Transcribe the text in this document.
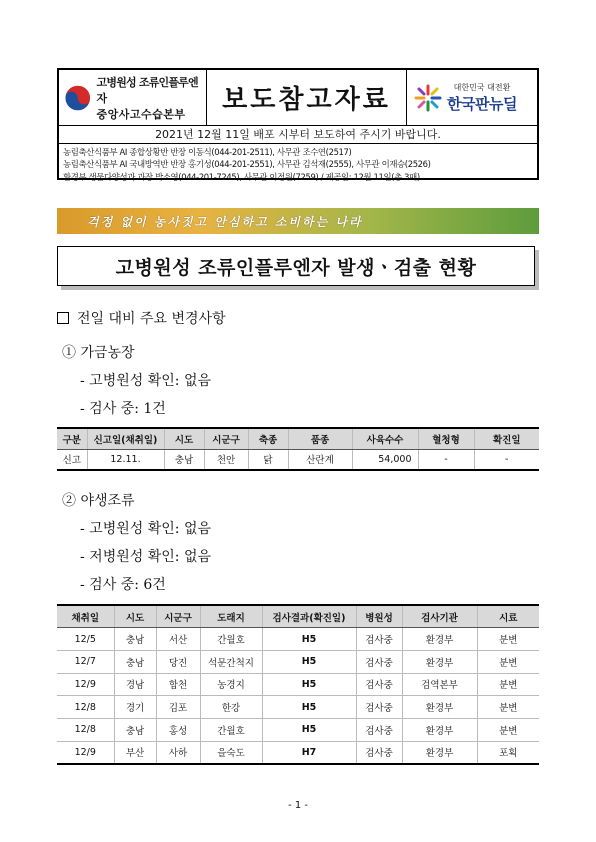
고병원성 조류인플루엔자
중앙사고수습본부	보도참고자료	대한민국 대전환
한국판뉴딜
2021년 12월 11일 배포 시부터 보도하여 주시기 바랍니다.
농림축산식품부 AI 종합상황반 반장 이동식(044-201-2511), 사무관 조수연(2517)
농림축산식품부 AI 국내방역반 반장 홍기성(044-201-2551), 사무관 김석재(2555), 사무관 이재승(2526)
환경부 생물다양성과 과장 박소영(044-201-7245), 사무관 이정원(7259) / 제공일: 12월 11일(총 3매)
걱정 없이 농사짓고 안심하고 소비하는 나라
고병원성 조류인플루엔자 발생ㆍ검출 현황
전일 대비 주요 변경사항
① 가금농장
- 고병원성 확인: 없음
- 검사 중: 1건
구분	신고일(채취일)	시도	시군구	축종	품종	사육수수	혈청형	확진일
신고	12.11.	충남	천안	닭	산란계	54,000	-	-
② 야생조류
- 고병원성 확인: 없음
- 저병원성 확인: 없음
- 검사 중: 6건
채취일	시도	시군구	도래지	검사결과(확진일)	병원성	검사기관	시료
12/5	충남	서산	간월호	H5	검사중	환경부	분변
12/7	충남	당진	석문간척지	H5	검사중	환경부	분변
12/9	경남	합천	농경지	H5	검사중	검역본부	분변
12/8	경기	김포	한강	H5	검사중	환경부	분변
12/8	충남	홍성	간월호	H5	검사중	환경부	분변
12/9	부산	사하	을숙도	H7	검사중	환경부	포획
- 1 -
